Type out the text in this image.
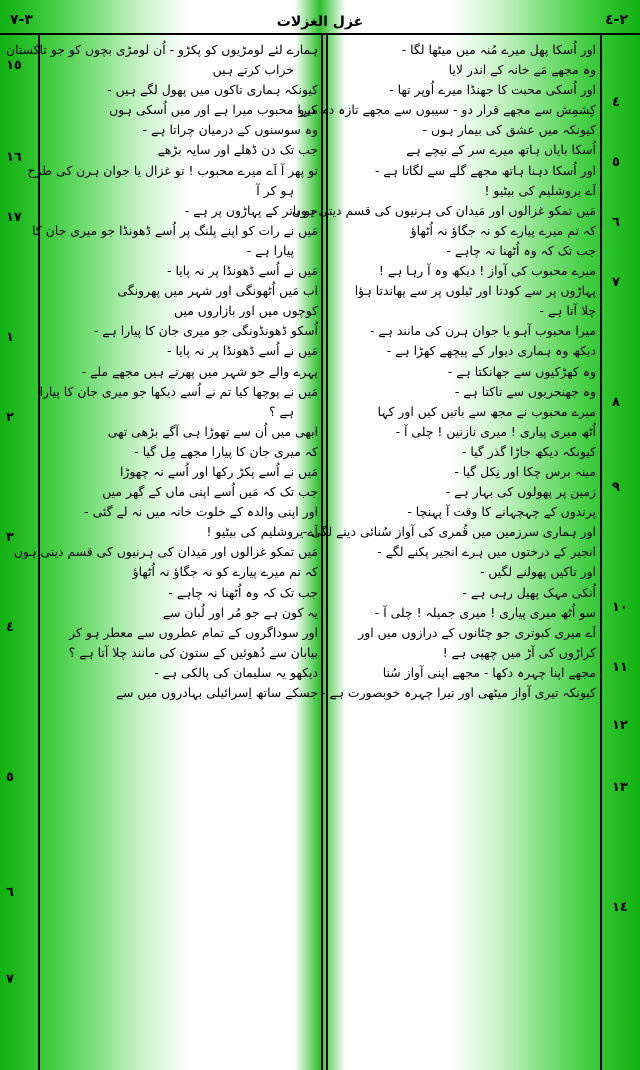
٣-٧	غزل الغزلات	٢-٤
اور اُسکا پھل میرے مُنہ میں میٹھا لگا -
وہ مجھے مَے خانہ کے اندر لایا
اور اُسکی محبت کا جھنڈا میرے اُوپر تھا -
کِشمِش سے مجھے قرار دو - سیبوں سے مجھے تازہ دم کرو
کیونکہ میں عشق کی بیمار ہوں -
اُسکا بایاں ہاتھ میرے سر کے نیچے ہے
اور اُسکا دہنا ہاتھ مجھے گلے سے لگاتا ہے -
اَے یروشلیم کی بیٹیو !
مَیں تمکو غزالوں اور مَیدان کی ہرنیوں کی قسم دیتی ہوں
کہ تم میرے پیارے کو نہ جگاؤ نہ اُٹھاؤ
جب تک کہ وہ اُٹھنا نہ چاہے -
میرے محبوب کی آواز ! دیکھ وہ آ رہا ہے !
پہاڑوں پر سے کودتا اور ٹیلوں پر سے پھاندتا ہؤا
چلا آتا ہے -
میرا محبوب آہو یا جوان ہرن کی مانند ہے -
دیکھ وہ ہماری دیوار کے پیچھے کھڑا ہے -
وہ کھڑکیوں سے جھانکتا ہے -
وہ جھنجریوں سے تاکتا ہے -
میرے محبوب نے مجھ سے باتیں کیں اور کہا
اُٹھ میری پیاری ! میری نازنین ! چلی آ -
کیونکہ دیکھ جاڑا گذر گیا -
مینہ برس چکا اور نِکل گیا -
زمین پر پھولوں کی بہار ہے -
پرندوں کے چہچہانے کا وقت آ پہنچا -
اور ہماری سرزمین میں قُمری کی آواز سُنائی دینے لگی -
انجیر کے درختوں میں ہرے انجیر پکنے لگے -
اور تاکیں پھولنے لگیں -
اُنکی مہک پھیل رہی ہے -
سو اُٹھ میری پیاری ! میری جمیلہ ! چلی آ -
اَے میری کبوتری جو چٹانوں کے درازوں میں اور
کراڑوں کی آڑ میں چھپی ہے !
مجھے اپنا چہرہ دکھا - مجھے اپنی آواز سُنا
کیونکہ تیری آواز میٹھی اور تیرا چہرہ خوبصورت ہے -
ہمارے لئے لومڑیوں کو پکڑو - اُن لومڑی بچوں کو جو تاکستان
خراب کرتے ہیں
کیونکہ ہماری تاکوں میں پھول لگے ہیں -
میرا محبوب میرا ہے اور میں اُسکی ہوں
وہ سوسنوں کے درمیان چراتا ہے -
جب تک دن ڈھلے اور سایہ بڑھے
تو پھر آ اَے میرے محبوب ! تو غزال یا جوان ہرن کی طرح
ہو کر آ
جو باتر کے پہاڑوں پر ہے -
مَیں نے رات کو اپنے پلنگ پر اُسے ڈھونڈا جو میری جان کا
پیارا ہے -
مَیں نے اُسے ڈھونڈا پر نہ پایا -
اب مَیں اُٹھونگی اور شہر میں پھرونگی
کوچوں میں اور بازاروں میں
اُسکو ڈھونڈونگی جو میری جان کا پیارا ہے -
مَیں نے اُسے ڈھونڈا پر نہ پایا -
پہرے والے جو شہر میں پھرتے ہیں مجھے ملے -
مَیں نے پوچھا کیا تم نے اُسے دیکھا جو میری جان کا پیارا
ہے ؟
ابھی میں اُن سے تھوڑا ہی آگے بڑھی تھی
کہ میری جان کا پیارا مجھے مِل گیا -
مَیں نے اُسے پکڑ رکھا اور اُسے نہ چھوڑا
جب تک کہ مَیں اُسے اپنی ماں کے گھر میں
اور اپنی والدہ کے خلوت خانہ میں نہ لے گئی -
اَے یروشلیم کی بیٹیو !
مَیں تمکو غزالوں اور مَیدان کی ہرنیوں کی قسم دیتی ہوں
کہ تم میرے پیارے کو نہ جگاؤ نہ اُٹھاؤ
جب تک کہ وہ اُٹھنا نہ چاہے -
یہ کون ہے جو مُر اور لُبان سے
اور سوداگروں کے تمام عطروں سے معطر ہو کر
بیابان سے دُھوئیں کے ستون کی مانند چلا آتا ہے ؟
دیکھو یہ سلیمان کی پالکی ہے -
جسکے ساتھ اِسرائیلی بہادروں میں سے
٤
٥
٦
٧
٨
٩
١٠
١١
١٢
١٣
١٤
١٥
١٦
١٧
١
٢
٣
٤
٥
٦
٧
